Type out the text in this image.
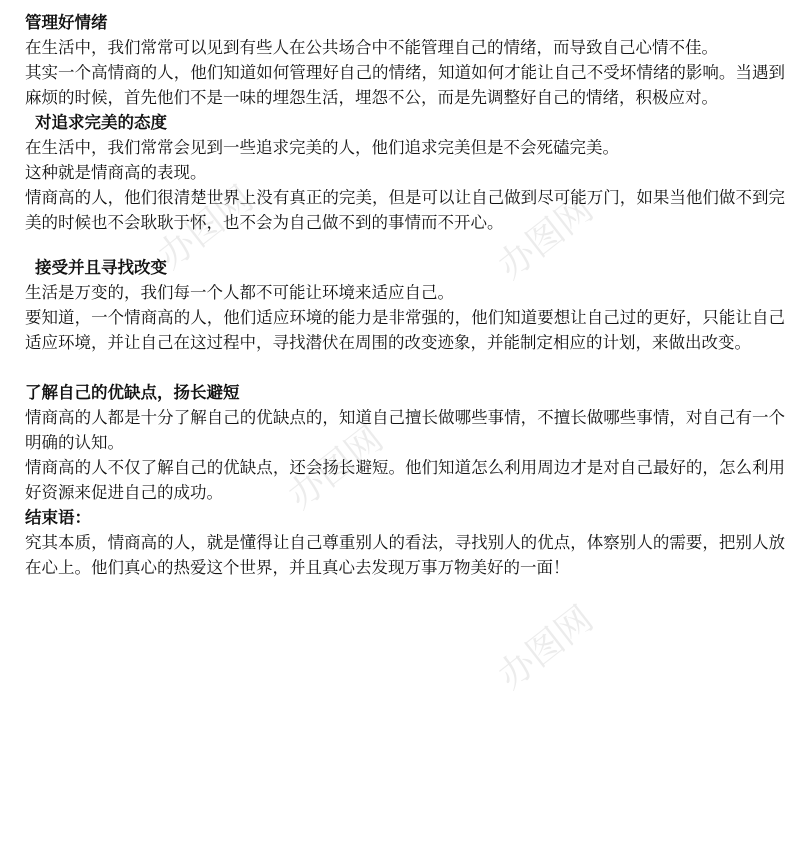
办图网	办图网
办图网
办图网
管理好情绪

在生活中，我们常常可以见到有些人在公共场合中不能管理自己的情绪，而导致自己心情不佳。

其实一个高情商的人，他们知道如何管理好自己的情绪，知道如何才能让自己不受坏情绪的影响。当遇到麻烦的时候，首先他们不是一味的埋怨生活，埋怨不公，而是先调整好自己的情绪，积极应对。

对追求完美的态度

在生活中，我们常常会见到一些追求完美的人，他们追求完美但是不会死磕完美。

这种就是情商高的表现。

情商高的人，他们很清楚世界上没有真正的完美，但是可以让自己做到尽可能万门，如果当他们做不到完美的时候也不会耿耿于怀，也不会为自己做不到的事情而不开心。

接受并且寻找改变

生活是万变的，我们每一个人都不可能让环境来适应自己。

要知道，一个情商高的人，他们适应环境的能力是非常强的，他们知道要想让自己过的更好，只能让自己适应环境，并让自己在这过程中，寻找潜伏在周围的改变迹象，并能制定相应的计划，来做出改变。

了解自己的优缺点，扬长避短

情商高的人都是十分了解自己的优缺点的，知道自己擅长做哪些事情，不擅长做哪些事情，对自己有一个明确的认知。

情商高的人不仅了解自己的优缺点，还会扬长避短。他们知道怎么利用周边才是对自己最好的，怎么利用好资源来促进自己的成功。

结束语：

究其本质，情商高的人，就是懂得让自己尊重别人的看法，寻找别人的优点，体察别人的需要，把别人放在心上。他们真心的热爱这个世界，并且真心去发现万事万物美好的一面！
